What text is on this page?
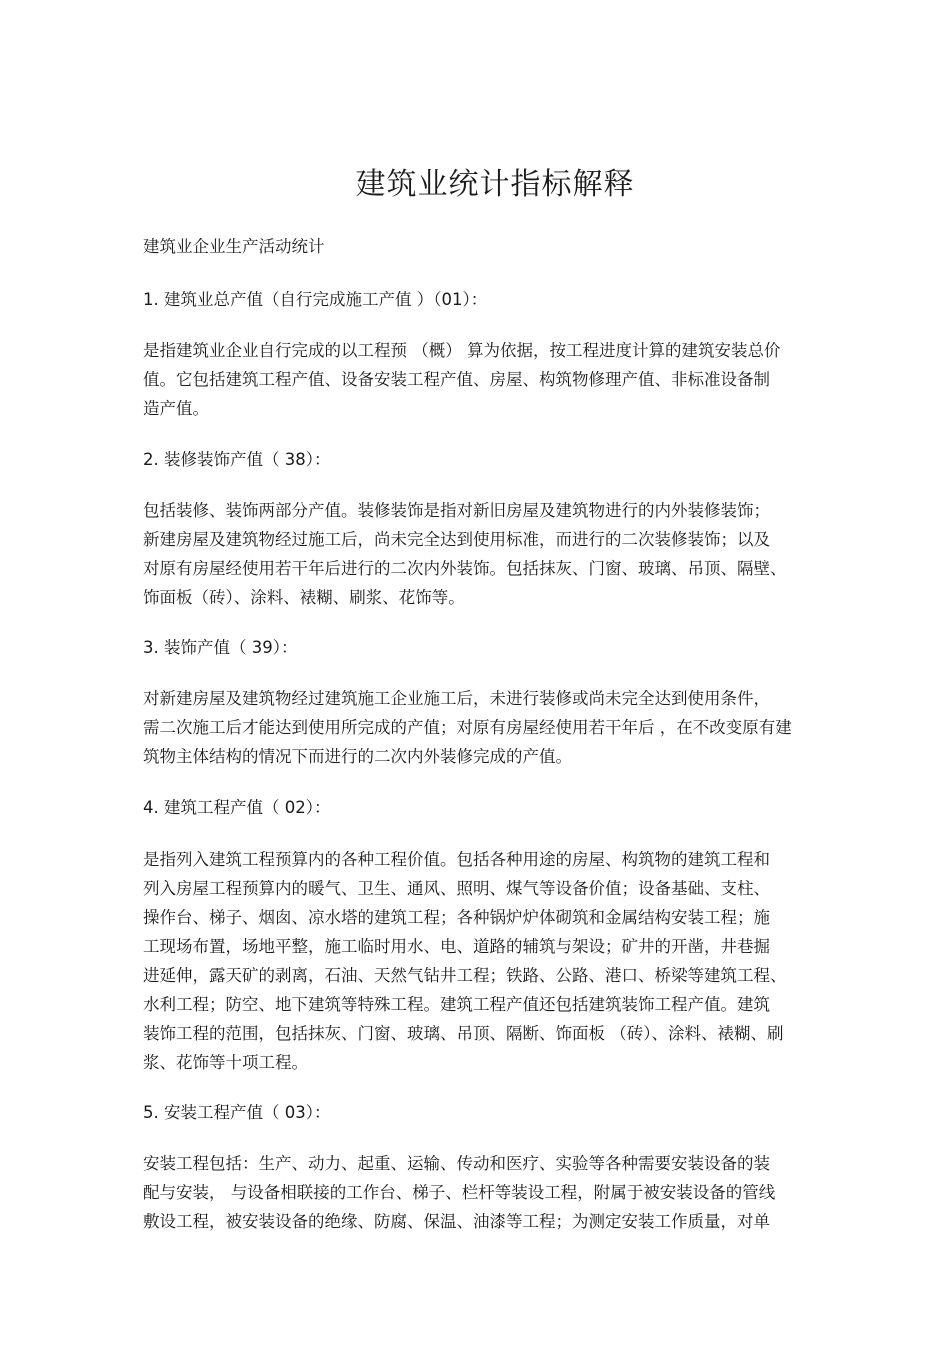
建筑业统计指标解释

建筑业企业生产活动统计

1. 建筑业总产值（自行完成施工产值 ）（01）：

是指建筑业企业自行完成的以工程预 （概） 算为依据，按工程进度计算的建筑安装总价
值。它包括建筑工程产值、设备安装工程产值、房屋、构筑物修理产值、非标准设备制
造产值。

2. 装修装饰产值（ 38）：

包括装修、装饰两部分产值。装修装饰是指对新旧房屋及建筑物进行的内外装修装饰；
新建房屋及建筑物经过施工后，尚未完全达到使用标准，而进行的二次装修装饰；以及
对原有房屋经使用若干年后进行的二次内外装饰。包括抹灰、门窗、玻璃、吊顶、隔壁、
饰面板（砖）、涂料、裱糊、刷浆、花饰等。

3. 装饰产值（ 39）：

对新建房屋及建筑物经过建筑施工企业施工后，未进行装修或尚未完全达到使用条件，
需二次施工后才能达到使用所完成的产值；对原有房屋经使用若干年后 ，在不改变原有建
筑物主体结构的情况下而进行的二次内外装修完成的产值。

4. 建筑工程产值（ 02）：

是指列入建筑工程预算内的各种工程价值。包括各种用途的房屋、构筑物的建筑工程和
列入房屋工程预算内的暖气、卫生、通风、照明、煤气等设备价值；设备基础、支柱、
操作台、梯子、烟囱、凉水塔的建筑工程；各种锅炉炉体砌筑和金属结构安装工程；施
工现场布置，场地平整，施工临时用水、电、道路的辅筑与架设；矿井的开凿，井巷掘
进延伸，露天矿的剥离，石油、天然气钻井工程；铁路、公路、港口、桥梁等建筑工程、
水利工程；防空、地下建筑等特殊工程。建筑工程产值还包括建筑装饰工程产值。建筑
装饰工程的范围，包括抹灰、门窗、玻璃、吊顶、隔断、饰面板 （砖）、涂料、裱糊、刷
浆、花饰等十项工程。

5. 安装工程产值（ 03）：

安装工程包括：生产、动力、起重、运输、传动和医疗、实验等各种需要安装设备的装
配与安装， 与设备相联接的工作台、梯子、栏杆等装设工程，附属于被安装设备的管线
敷设工程，被安装设备的绝缘、防腐、保温、油漆等工程；为测定安装工作质量，对单
